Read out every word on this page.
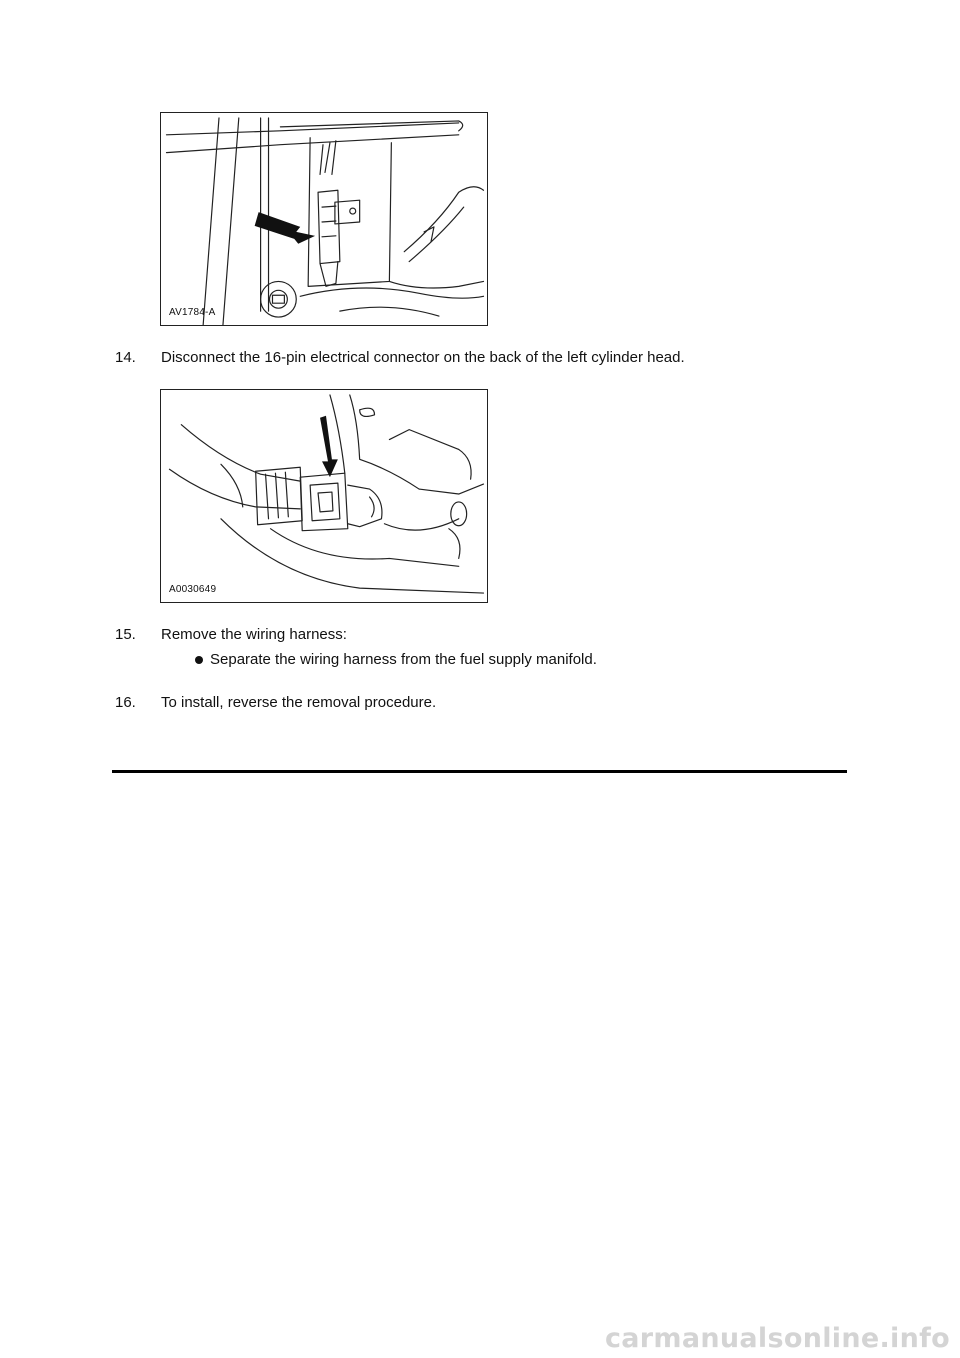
AV1784-A
14. Disconnect the 16-pin electrical connector on the back of the left cylinder head.
A0030649
15. Remove the wiring harness:
Separate the wiring harness from the fuel supply manifold.
16. To install, reverse the removal procedure.
carmanualsonline.info
